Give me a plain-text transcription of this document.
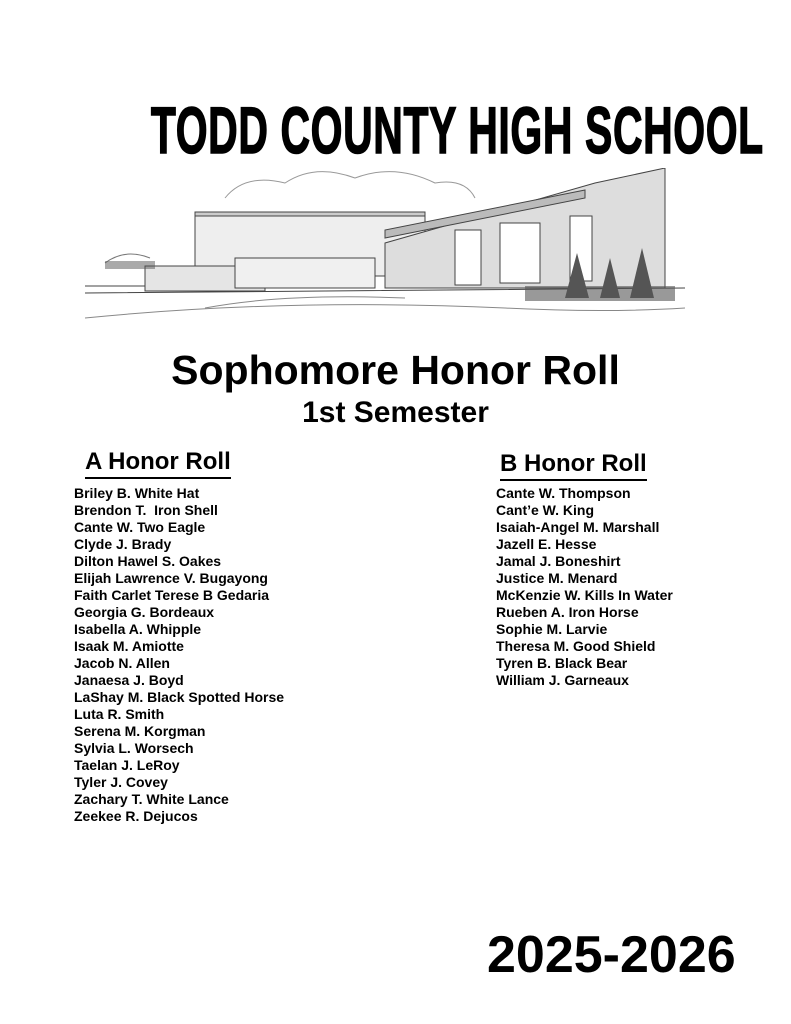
TODD COUNTY HIGH SCHOOL
Sophomore Honor Roll
1st Semester
A Honor Roll
Briley B. White Hat
Brendon T.  Iron Shell
Cante W. Two Eagle
Clyde J. Brady
Dilton Hawel S. Oakes
Elijah Lawrence V. Bugayong
Faith Carlet Terese B Gedaria
Georgia G. Bordeaux
Isabella A. Whipple
Isaak M. Amiotte
Jacob N. Allen
Janaesa J. Boyd
LaShay M. Black Spotted Horse
Luta R. Smith
Serena M. Korgman
Sylvia L. Worsech
Taelan J. LeRoy
Tyler J. Covey
Zachary T. White Lance
Zeekee R. Dejucos
B Honor Roll
Cante W. Thompson
Cant’e W. King
Isaiah-Angel M. Marshall
Jazell E. Hesse
Jamal J. Boneshirt
Justice M. Menard
McKenzie W. Kills In Water
Rueben A. Iron Horse
Sophie M. Larvie
Theresa M. Good Shield
Tyren B. Black Bear
William J. Garneaux
2025-2026
